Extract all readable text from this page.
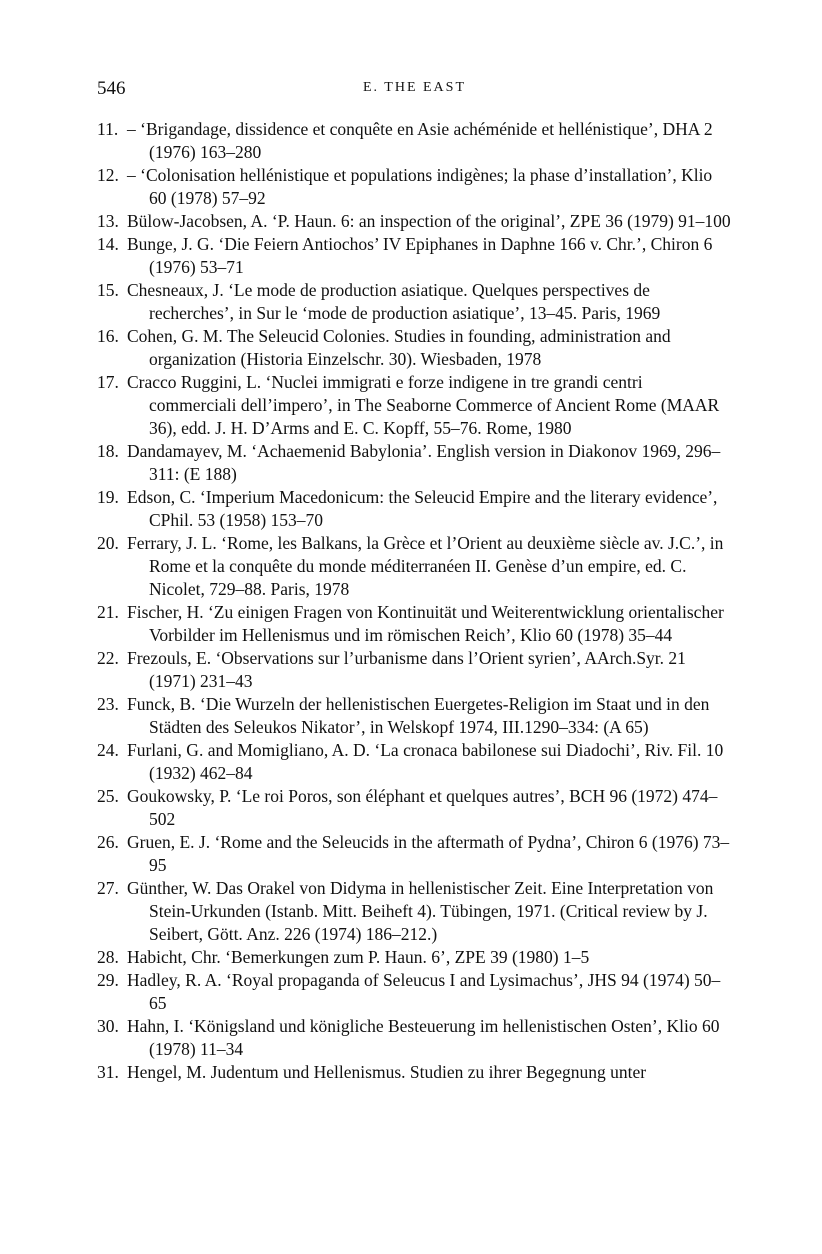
546	E. THE EAST
11. – ‘Brigandage, dissidence et conquête en Asie achéménide et hellénistique’, DHA 2 (1976) 163–280
12. – ‘Colonisation hellénistique et populations indigènes; la phase d’installation’, Klio 60 (1978) 57–92
13. Bülow-Jacobsen, A. ‘P. Haun. 6: an inspection of the original’, ZPE 36 (1979) 91–100
14. Bunge, J. G. ‘Die Feiern Antiochos’ IV Epiphanes in Daphne 166 v. Chr.’, Chiron 6 (1976) 53–71
15. Chesneaux, J. ‘Le mode de production asiatique. Quelques perspectives de recherches’, in Sur le ‘mode de production asiatique’, 13–45. Paris, 1969
16. Cohen, G. M. The Seleucid Colonies. Studies in founding, administration and organization (Historia Einzelschr. 30). Wiesbaden, 1978
17. Cracco Ruggini, L. ‘Nuclei immigrati e forze indigene in tre grandi centri commerciali dell’impero’, in The Seaborne Commerce of Ancient Rome (MAAR 36), edd. J. H. D’Arms and E. C. Kopff, 55–76. Rome, 1980
18. Dandamayev, M. ‘Achaemenid Babylonia’. English version in Diakonov 1969, 296–311: (E 188)
19. Edson, C. ‘Imperium Macedonicum: the Seleucid Empire and the literary evidence’, CPhil. 53 (1958) 153–70
20. Ferrary, J. L. ‘Rome, les Balkans, la Grèce et l’Orient au deuxième siècle av. J.C.’, in Rome et la conquête du monde méditerranéen II. Genèse d’un empire, ed. C. Nicolet, 729–88. Paris, 1978
21. Fischer, H. ‘Zu einigen Fragen von Kontinuität und Weiterentwicklung orientalischer Vorbilder im Hellenismus und im römischen Reich’, Klio 60 (1978) 35–44
22. Frezouls, E. ‘Observations sur l’urbanisme dans l’Orient syrien’, AArch.Syr. 21 (1971) 231–43
23. Funck, B. ‘Die Wurzeln der hellenistischen Euergetes-Religion im Staat und in den Städten des Seleukos Nikator’, in Welskopf 1974, III.1290–334: (A 65)
24. Furlani, G. and Momigliano, A. D. ‘La cronaca babilonese sui Diadochi’, Riv. Fil. 10 (1932) 462–84
25. Goukowsky, P. ‘Le roi Poros, son éléphant et quelques autres’, BCH 96 (1972) 474–502
26. Gruen, E. J. ‘Rome and the Seleucids in the aftermath of Pydna’, Chiron 6 (1976) 73–95
27. Günther, W. Das Orakel von Didyma in hellenistischer Zeit. Eine Interpretation von Stein-Urkunden (Istanb. Mitt. Beiheft 4). Tübingen, 1971. (Critical review by J. Seibert, Gött. Anz. 226 (1974) 186–212.)
28. Habicht, Chr. ‘Bemerkungen zum P. Haun. 6’, ZPE 39 (1980) 1–5
29. Hadley, R. A. ‘Royal propaganda of Seleucus I and Lysimachus’, JHS 94 (1974) 50–65
30. Hahn, I. ‘Königsland und königliche Besteuerung im hellenistischen Osten’, Klio 60 (1978) 11–34
31. Hengel, M. Judentum und Hellenismus. Studien zu ihrer Begegnung unter
